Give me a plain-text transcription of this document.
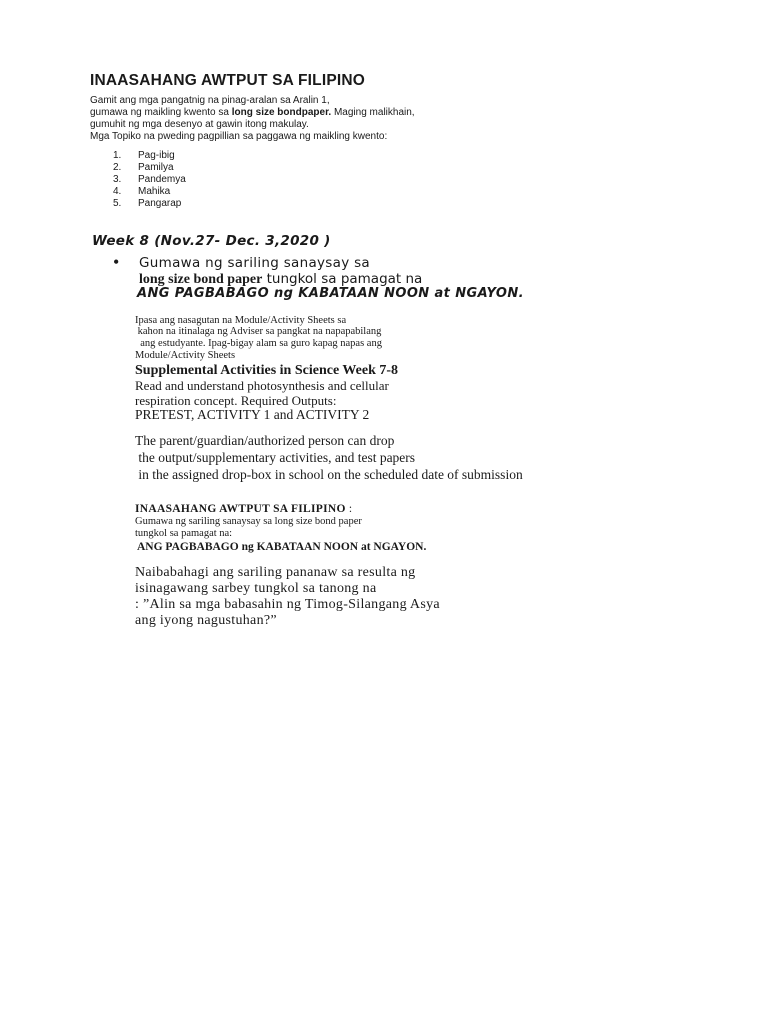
INAASAHANG AWTPUT SA FILIPINO
Gamit ang mga pangatnig na pinag-aralan sa Aralin 1,
gumawa ng maikling kwento sa long size bondpaper. Maging malikhain,
gumuhit ng mga desenyo at gawin itong makulay.
Mga Topiko na pweding pagpillian sa paggawa ng maikling kwento:
1.	Pag-ibig
2.	Pamilya
3.	Pandemya
4.	Mahika
5.	Pangarap
Week 8 (Nov.27- Dec. 3,2020 )
• Gumawa ng sariling sanaysay sa
long size bond paper tungkol sa pamagat na
ANG PAGBABAGO ng KABATAAN NOON at NGAYON.
Ipasa ang nasagutan na Module/Activity Sheets sa
kahon na itinalaga ng Adviser sa pangkat na napapabilang
ang estudyante. Ipag-bigay alam sa guro kapag napas ang
Module/Activity Sheets
Supplemental Activities in Science Week 7-8
Read and understand photosynthesis and cellular
respiration concept. Required Outputs:
PRETEST, ACTIVITY 1 and ACTIVITY 2
The parent/guardian/authorized person can drop
the output/supplementary activities, and test papers
in the assigned drop-box in school on the scheduled date of submission
INAASAHANG AWTPUT SA FILIPINO :
Gumawa ng sariling sanaysay sa long size bond paper
tungkol sa pamagat na:
ANG PAGBABAGO ng KABATAAN NOON at NGAYON.
Naibabahagi ang sariling pananaw sa resulta ng
isinagawang sarbey tungkol sa tanong na
: ”Alin sa mga babasahin ng Timog-Silangang Asya
ang iyong nagustuhan?”
